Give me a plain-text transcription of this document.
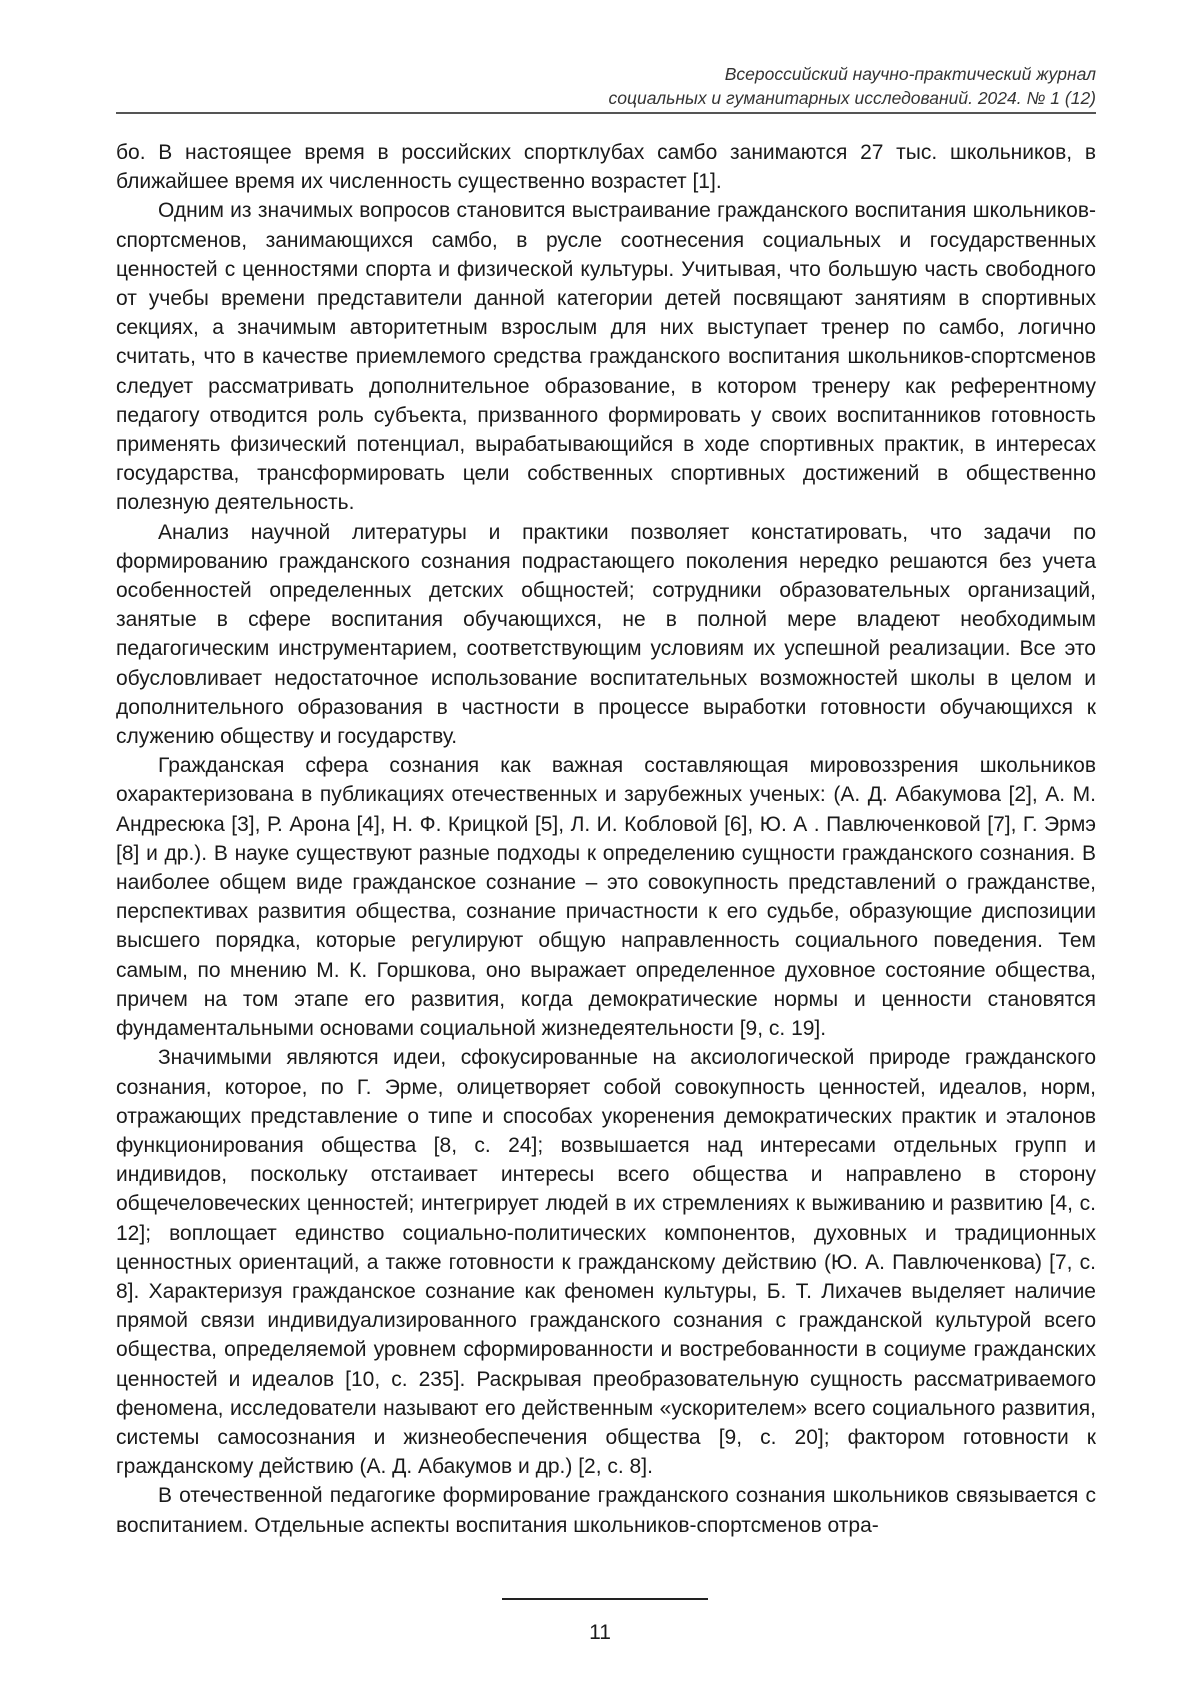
Всероссийский научно-практический журнал
социальных и гуманитарных исследований. 2024. № 1 (12)

бо. В настоящее время в российских спортклубах самбо занимаются 27 тыс. школьников, в ближайшее время их численность существенно возрастет [1].

Одним из значимых вопросов становится выстраивание гражданского воспитания школьников-спортсменов, занимающихся самбо, в русле соотнесения социальных и государственных ценностей с ценностями спорта и физической культуры. Учитывая, что большую часть свободного от учебы времени представители данной категории детей посвящают занятиям в спортивных секциях, а значимым авторитетным взрослым для них выступает тренер по самбо, логично считать, что в качестве приемлемого средства гражданского воспитания школьников-спортсменов следует рассматривать дополнительное образование, в котором тренеру как референтному педагогу отводится роль субъекта, призванного формировать у своих воспитанников готовность применять физический потенциал, вырабатывающийся в ходе спортивных практик, в интересах государства, трансформировать цели собственных спортивных достижений в общественно полезную деятельность.

Анализ научной литературы и практики позволяет констатировать, что задачи по формированию гражданского сознания подрастающего поколения нередко решаются без учета особенностей определенных детских общностей; сотрудники образовательных организаций, занятые в сфере воспитания обучающихся, не в полной мере владеют необходимым педагогическим инструментарием, соответствующим условиям их успешной реализации. Все это обусловливает недостаточное использование воспитательных возможностей школы в целом и дополнительного образования в частности в процессе выработки готовности обучающихся к служению обществу и государству.

Гражданская сфера сознания как важная составляющая мировоззрения школьников охарактеризована в публикациях отечественных и зарубежных ученых: (А. Д. Абакумова [2], А. М. Андресюка [3], Р. Арона [4], Н. Ф. Крицкой [5], Л. И. Кобловой [6], Ю. А . Павлюченковой [7], Г. Эрмэ [8] и др.). В науке существуют разные подходы к определению сущности гражданского сознания. В наиболее общем виде гражданское сознание – это совокупность представлений о гражданстве, перспективах развития общества, сознание причастности к его судьбе, образующие диспозиции высшего порядка, которые регулируют общую направленность социального поведения. Тем самым, по мнению М. К. Горшкова, оно выражает определенное духовное состояние общества, причем на том этапе его развития, когда демократические нормы и ценности становятся фундаментальными основами социальной жизнедеятельности [9, с. 19].

Значимыми являются идеи, сфокусированные на аксиологической природе гражданского сознания, которое, по Г. Эрме, олицетворяет собой совокупность ценностей, идеалов, норм, отражающих представление о типе и способах укоренения демократических практик и эталонов функционирования общества [8, с. 24]; возвышается над интересами отдельных групп и индивидов, поскольку отстаивает интересы всего общества и направлено в сторону общечеловеческих ценностей; интегрирует людей в их стремлениях к выживанию и развитию [4, с. 12]; воплощает единство социально-политических компонентов, духовных и традиционных ценностных ориентаций, а также готовности к гражданскому действию (Ю. А. Павлюченкова) [7, с. 8]. Характеризуя гражданское сознание как феномен культуры, Б. Т. Лихачев выделяет наличие прямой связи индивидуализированного гражданского сознания с гражданской культурой всего общества, определяемой уровнем сформированности и востребованности в социуме гражданских ценностей и идеалов [10, с. 235]. Раскрывая преобразовательную сущность рассматриваемого феномена, исследователи называют его действенным «ускорителем» всего социального развития, системы самосознания и жизнеобеспечения общества [9, с. 20]; фактором готовности к гражданскому действию (А. Д. Абакумов и др.) [2, с. 8].

В отечественной педагогике формирование гражданского сознания школьников связывается с воспитанием. Отдельные аспекты воспитания школьников-спортсменов отра-

11
